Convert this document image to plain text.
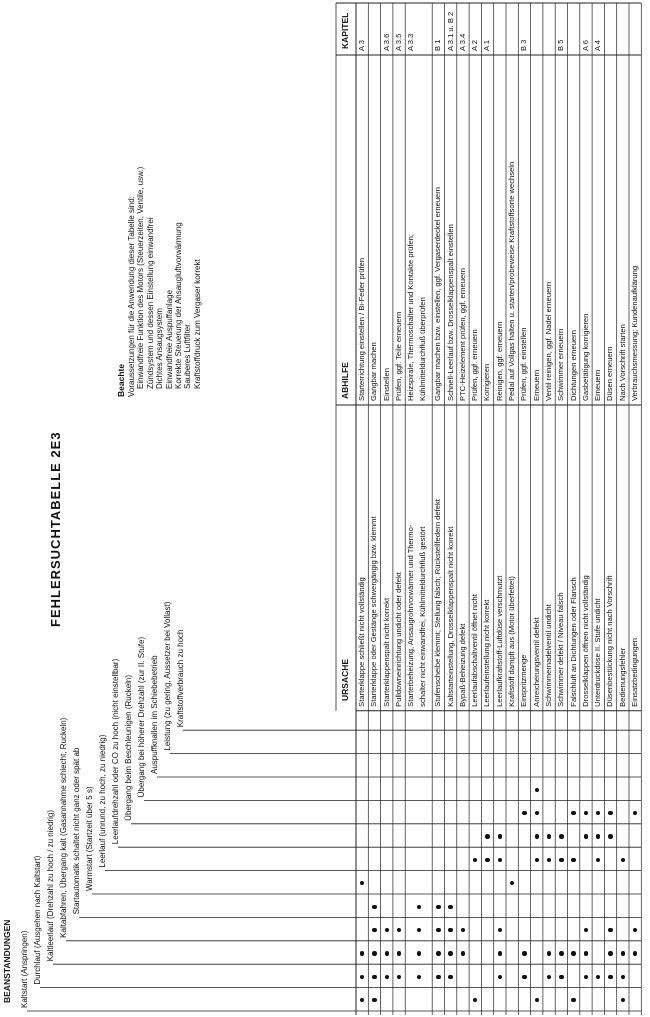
FEHLERSUCHTABELLE 2E3
BEANSTANDUNGEN Kaltstart (Anspringen) Durchlauf (Ausgehen nach Kaltstart) Kaltleerlauf (Drehzahl zu hoch / zu niedrig) Kaltabfahren, Übergang kalt (Gasannahme schlecht, Ruckeln) Startautomatik schaltet nicht ganz oder spät ab Warmstart (Startzeit über 5 s) Leerlauf (unrund, zu hoch, zu niedrig) Leerlaufdrehzahl oder CO zu hoch (nicht einstellbar) Übergang beim Beschleunigen (Ruckeln) Übergang bei höherer Drehzahl (zur II. Stufe) Auspuffknallen im Schiebebetrieb Leistung (zu gering, Aussetzer bei Vollast) Kraftstoffverbrauch zu hoch
Beachte Voraussetzungen für die Anwendung dieser Tabelle sind: Einwandfreie Funktion des Motors (Steuerzeiten, Ventile, usw.) Zündsystem und dessen Einstellung einwandfrei Dichtes Ansaugsystem Einwandfreie Auspuffanlage Korrekte Steuerung der Ansaugluftvorwärmung Sauberes Luftfilter Kraftstoffdruck zum Vergaser korrekt
URSACHE
ABHILFE
KAPITEL
Starterklappe schließt nicht vollständig
Starterrichtung einstellen / Bi-Feder prüfen
A 3
Starterklappe oder Gestänge schwergängig bzw. klemmt
Gangbar machen
Starterklappenspalt nicht korrekt
Einstellen
A 3.6
Pulldowneinrichtung undicht oder defekt
Prüfen, ggf. Teile erneuern
A 3.5
Starterbeheizung, Ansaugrohrvorwärmer und Thermo- schalter nicht einwandfrei, Kühlmitteldurchfluß gestört
Heizspirale, Thermoschalter und Kontakte prüfen; Kühlmitteldurchfluß überprüfen
A 3.3
Stufenscheibe klemmt; Stellung falsch; Rückstellfedern defekt
Gangbar machen bzw. einstellen, ggf. Vergaserdeckel erneuern
B 1
Kaltstarteinstellung, Drosselklappenspalt nicht korrekt
Schnell-Leerlauf bzw. Drosselklappenspalt einstellen
A 3.1 u. B 2
Bypaß-Beheizung defekt
PTC-Heizelement prüfen, ggf. erneuern
A 3.4
Leerlaufabschaltventil öffnet nicht
Prüfen, ggf. erneuern
A 2
Leerlaufeinstellung nicht korrekt
Korrigieren
A 1
Leerlaufkraftstoff-Luftdüse verschmutzt
Reinigen, ggf. erneuern
Kraftstoff dampft aus (Motor überfettet)
Pedal auf Vollgas halten u. starten/probeweise Kraftstoffsorte wechseln
Einspritzmenge
Prüfen, ggf. einstellen
B 3
Anreicherungsventil defekt
Erneuern
Schwimmernadelventil undicht
Ventil reinigen, ggf. Nadel erneuern
Schwimmer defekt / Niveau falsch
Schwimmer erneuern
B 5
Falschluft an Dichtungen oder Flansch
Dichtungen erneuern
Drosselklappen öffnen nicht vollständig
Gasbetätigung korrigieren
A 6
Unterdruckdose II. Stufe undicht
Erneuern
A 4
Düsenbestückung nicht nach Vorschrift
Düsen erneuern
Bedienungsfehler
Nach Vorschrift starten
Einsatzbedingungen
Verbrauchsmessung; Kundenaufklärung
